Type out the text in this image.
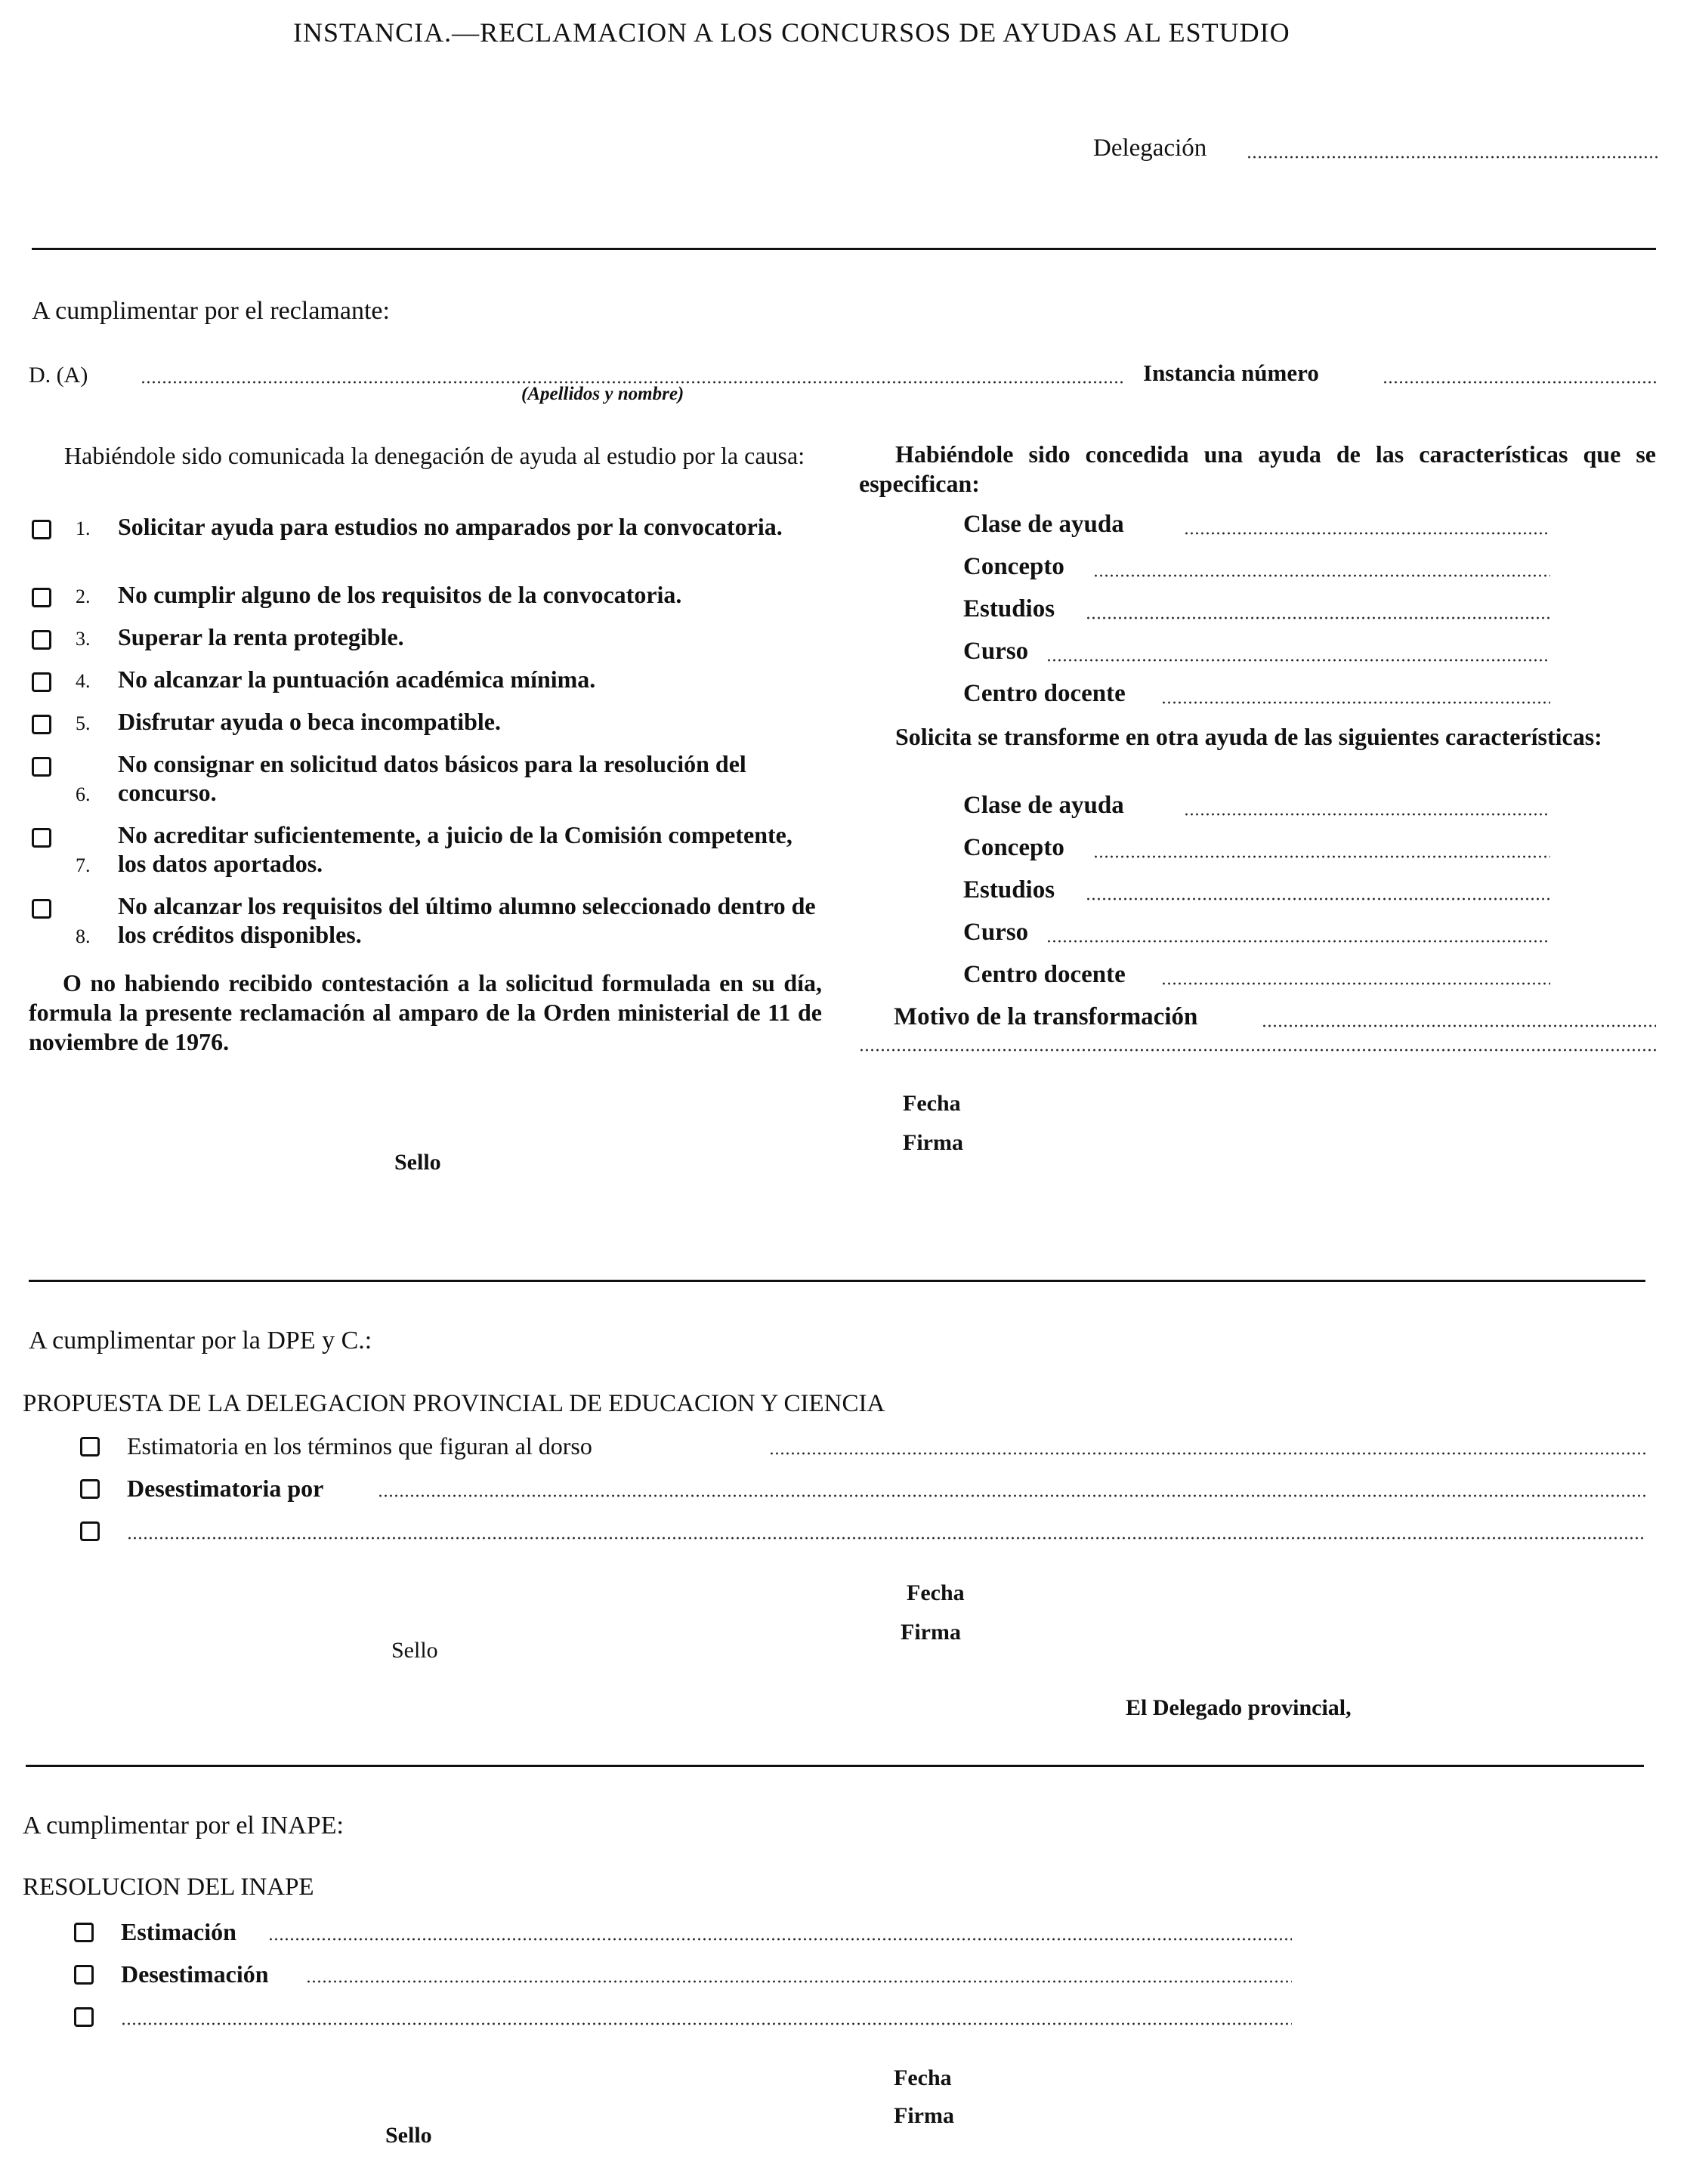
INSTANCIA.—RECLAMACION A LOS CONCURSOS DE AYUDAS AL ESTUDIO
Delegación
A cumplimentar por el reclamante:
D. (A)	Instancia número
(Apellidos y nombre)
Habiéndole sido comunicada la denegación de ayuda al estudio por la causa:
1. Solicitar ayuda para estudios no amparados por la convocatoria.
2. No cumplir alguno de los requisitos de la convocatoria.
3. Superar la renta protegible.
4. No alcanzar la puntuación académica mínima.
5. Disfrutar ayuda o beca incompatible.
6.No consignar en solicitud datos básicos para la resolución del concurso.
7.No acreditar suficientemente, a juicio de la Comisión competente, los datos aportados.
8.No alcanzar los requisitos del último alumno seleccionado dentro de los créditos disponibles.
O no habiendo recibido contestación a la solicitud formulada en su día, formula la presente reclamación al amparo de la Orden ministerial de 11 de noviembre de 1976.
Habiéndole sido concedida una ayuda de las características que se especifican:
Clase de ayuda
Concepto
Estudios
Curso
Centro docente
Solicita se transforme en otra ayuda de las siguientes características:
Clase de ayuda
Concepto
Estudios
Curso
Centro docente
Motivo de la transformación
Fecha
Firma
Sello
A cumplimentar por la DPE y C.:
PROPUESTA DE LA DELEGACION PROVINCIAL DE EDUCACION Y CIENCIA
Estimatoria en los términos que figuran al dorso
Desestimatoria por
Fecha
Firma
Sello
El Delegado provincial,
A cumplimentar por el INAPE:
RESOLUCION DEL INAPE
Estimación
Desestimación
Fecha
Firma
Sello
